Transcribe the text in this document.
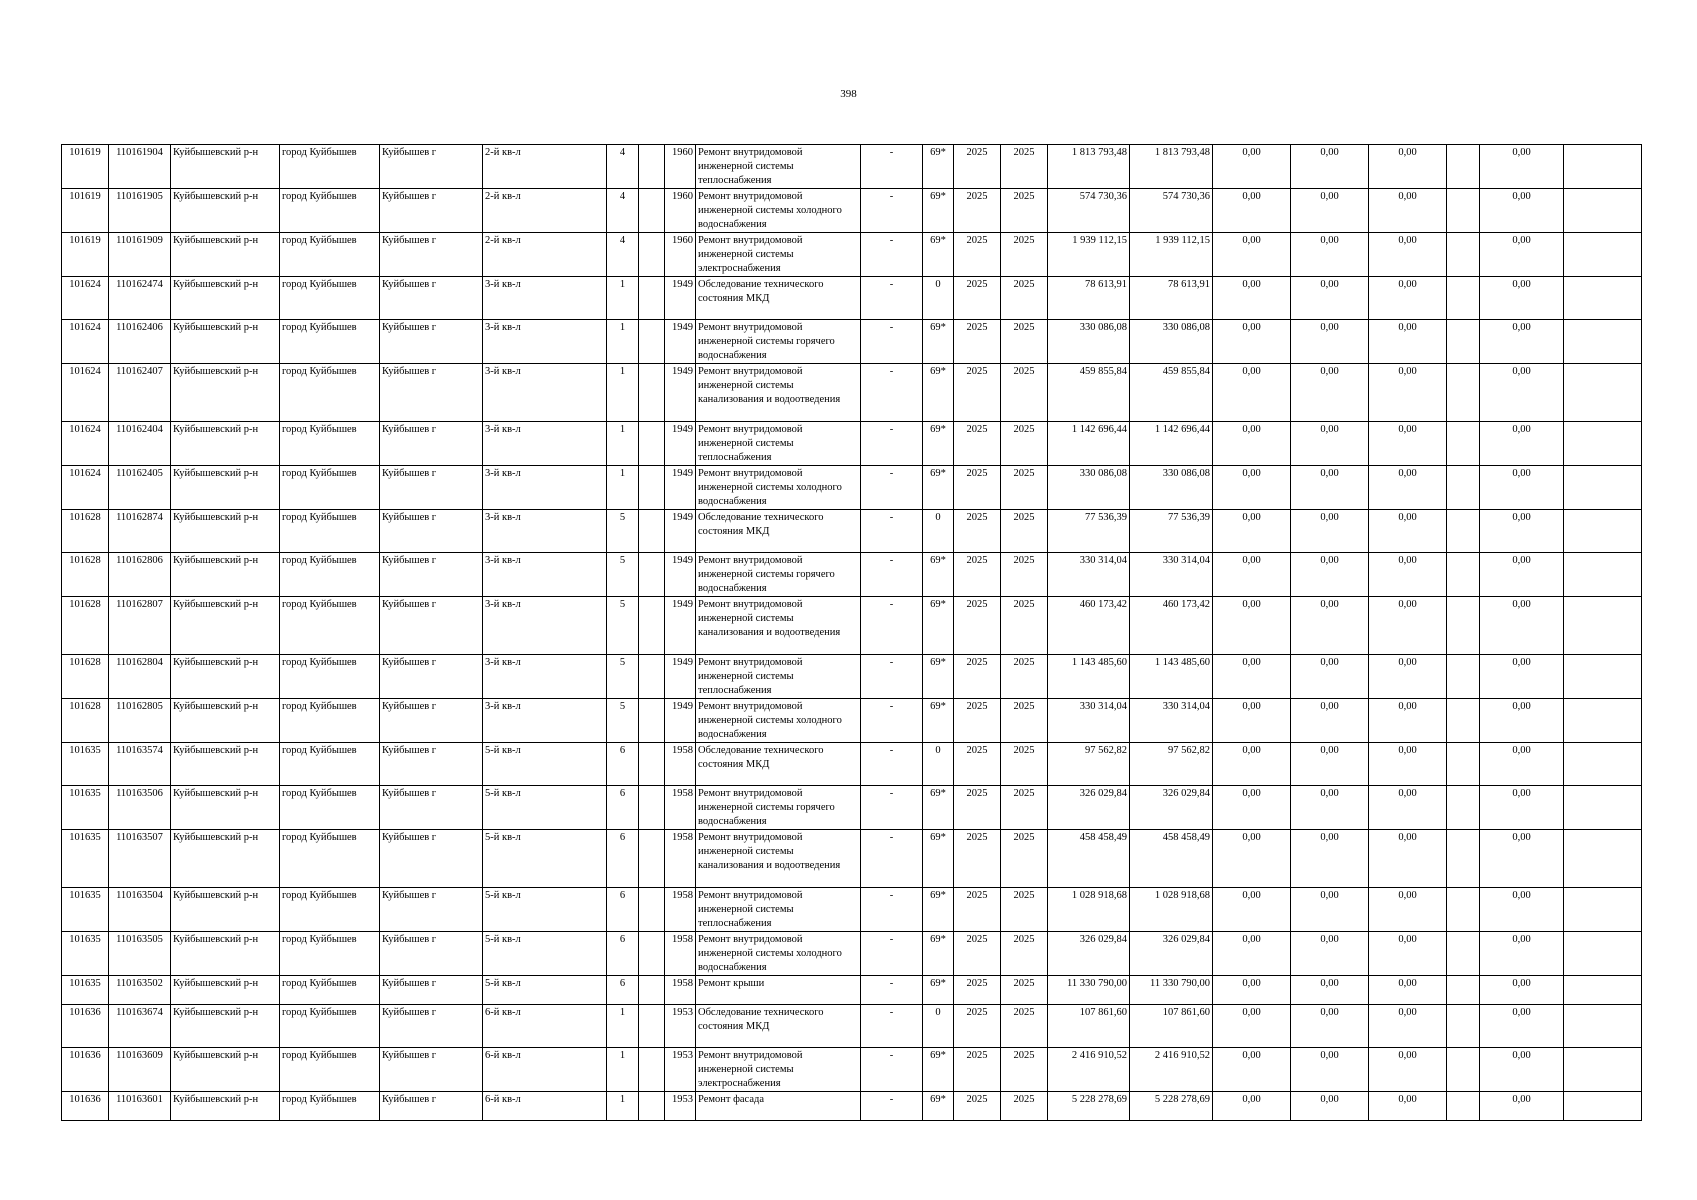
398
101619	110161904	Куйбышевский р-н	город Куйбышев	Куйбышев г	2-й кв-л	4		1960	Ремонт внутридомовой инженерной системы теплоснабжения	-	69*	2025	2025	1 813 793,48	1 813 793,48	0,00	0,00	0,00		0,00	
101619	110161905	Куйбышевский р-н	город Куйбышев	Куйбышев г	2-й кв-л	4		1960	Ремонт внутридомовой инженерной системы холодного водоснабжения	-	69*	2025	2025	574 730,36	574 730,36	0,00	0,00	0,00		0,00	
101619	110161909	Куйбышевский р-н	город Куйбышев	Куйбышев г	2-й кв-л	4		1960	Ремонт внутридомовой инженерной системы электроснабжения	-	69*	2025	2025	1 939 112,15	1 939 112,15	0,00	0,00	0,00		0,00	
101624	110162474	Куйбышевский р-н	город Куйбышев	Куйбышев г	3-й кв-л	1		1949	Обследование технического состояния МКД	-	0	2025	2025	78 613,91	78 613,91	0,00	0,00	0,00		0,00	
101624	110162406	Куйбышевский р-н	город Куйбышев	Куйбышев г	3-й кв-л	1		1949	Ремонт внутридомовой инженерной системы горячего водоснабжения	-	69*	2025	2025	330 086,08	330 086,08	0,00	0,00	0,00		0,00	
101624	110162407	Куйбышевский р-н	город Куйбышев	Куйбышев г	3-й кв-л	1		1949	Ремонт внутридомовой инженерной системы канализования и водоотведения	-	69*	2025	2025	459 855,84	459 855,84	0,00	0,00	0,00		0,00	
101624	110162404	Куйбышевский р-н	город Куйбышев	Куйбышев г	3-й кв-л	1		1949	Ремонт внутридомовой инженерной системы теплоснабжения	-	69*	2025	2025	1 142 696,44	1 142 696,44	0,00	0,00	0,00		0,00	
101624	110162405	Куйбышевский р-н	город Куйбышев	Куйбышев г	3-й кв-л	1		1949	Ремонт внутридомовой инженерной системы холодного водоснабжения	-	69*	2025	2025	330 086,08	330 086,08	0,00	0,00	0,00		0,00	
101628	110162874	Куйбышевский р-н	город Куйбышев	Куйбышев г	3-й кв-л	5		1949	Обследование технического состояния МКД	-	0	2025	2025	77 536,39	77 536,39	0,00	0,00	0,00		0,00	
101628	110162806	Куйбышевский р-н	город Куйбышев	Куйбышев г	3-й кв-л	5		1949	Ремонт внутридомовой инженерной системы горячего водоснабжения	-	69*	2025	2025	330 314,04	330 314,04	0,00	0,00	0,00		0,00	
101628	110162807	Куйбышевский р-н	город Куйбышев	Куйбышев г	3-й кв-л	5		1949	Ремонт внутридомовой инженерной системы канализования и водоотведения	-	69*	2025	2025	460 173,42	460 173,42	0,00	0,00	0,00		0,00	
101628	110162804	Куйбышевский р-н	город Куйбышев	Куйбышев г	3-й кв-л	5		1949	Ремонт внутридомовой инженерной системы теплоснабжения	-	69*	2025	2025	1 143 485,60	1 143 485,60	0,00	0,00	0,00		0,00	
101628	110162805	Куйбышевский р-н	город Куйбышев	Куйбышев г	3-й кв-л	5		1949	Ремонт внутридомовой инженерной системы холодного водоснабжения	-	69*	2025	2025	330 314,04	330 314,04	0,00	0,00	0,00		0,00	
101635	110163574	Куйбышевский р-н	город Куйбышев	Куйбышев г	5-й кв-л	6		1958	Обследование технического состояния МКД	-	0	2025	2025	97 562,82	97 562,82	0,00	0,00	0,00		0,00	
101635	110163506	Куйбышевский р-н	город Куйбышев	Куйбышев г	5-й кв-л	6		1958	Ремонт внутридомовой инженерной системы горячего водоснабжения	-	69*	2025	2025	326 029,84	326 029,84	0,00	0,00	0,00		0,00	
101635	110163507	Куйбышевский р-н	город Куйбышев	Куйбышев г	5-й кв-л	6		1958	Ремонт внутридомовой инженерной системы канализования и водоотведения	-	69*	2025	2025	458 458,49	458 458,49	0,00	0,00	0,00		0,00	
101635	110163504	Куйбышевский р-н	город Куйбышев	Куйбышев г	5-й кв-л	6		1958	Ремонт внутридомовой инженерной системы теплоснабжения	-	69*	2025	2025	1 028 918,68	1 028 918,68	0,00	0,00	0,00		0,00	
101635	110163505	Куйбышевский р-н	город Куйбышев	Куйбышев г	5-й кв-л	6		1958	Ремонт внутридомовой инженерной системы холодного водоснабжения	-	69*	2025	2025	326 029,84	326 029,84	0,00	0,00	0,00		0,00	
101635	110163502	Куйбышевский р-н	город Куйбышев	Куйбышев г	5-й кв-л	6		1958	Ремонт крыши	-	69*	2025	2025	11 330 790,00	11 330 790,00	0,00	0,00	0,00		0,00	
101636	110163674	Куйбышевский р-н	город Куйбышев	Куйбышев г	6-й кв-л	1		1953	Обследование технического состояния МКД	-	0	2025	2025	107 861,60	107 861,60	0,00	0,00	0,00		0,00	
101636	110163609	Куйбышевский р-н	город Куйбышев	Куйбышев г	6-й кв-л	1		1953	Ремонт внутридомовой инженерной системы электроснабжения	-	69*	2025	2025	2 416 910,52	2 416 910,52	0,00	0,00	0,00		0,00	
101636	110163601	Куйбышевский р-н	город Куйбышев	Куйбышев г	6-й кв-л	1		1953	Ремонт фасада	-	69*	2025	2025	5 228 278,69	5 228 278,69	0,00	0,00	0,00		0,00	
